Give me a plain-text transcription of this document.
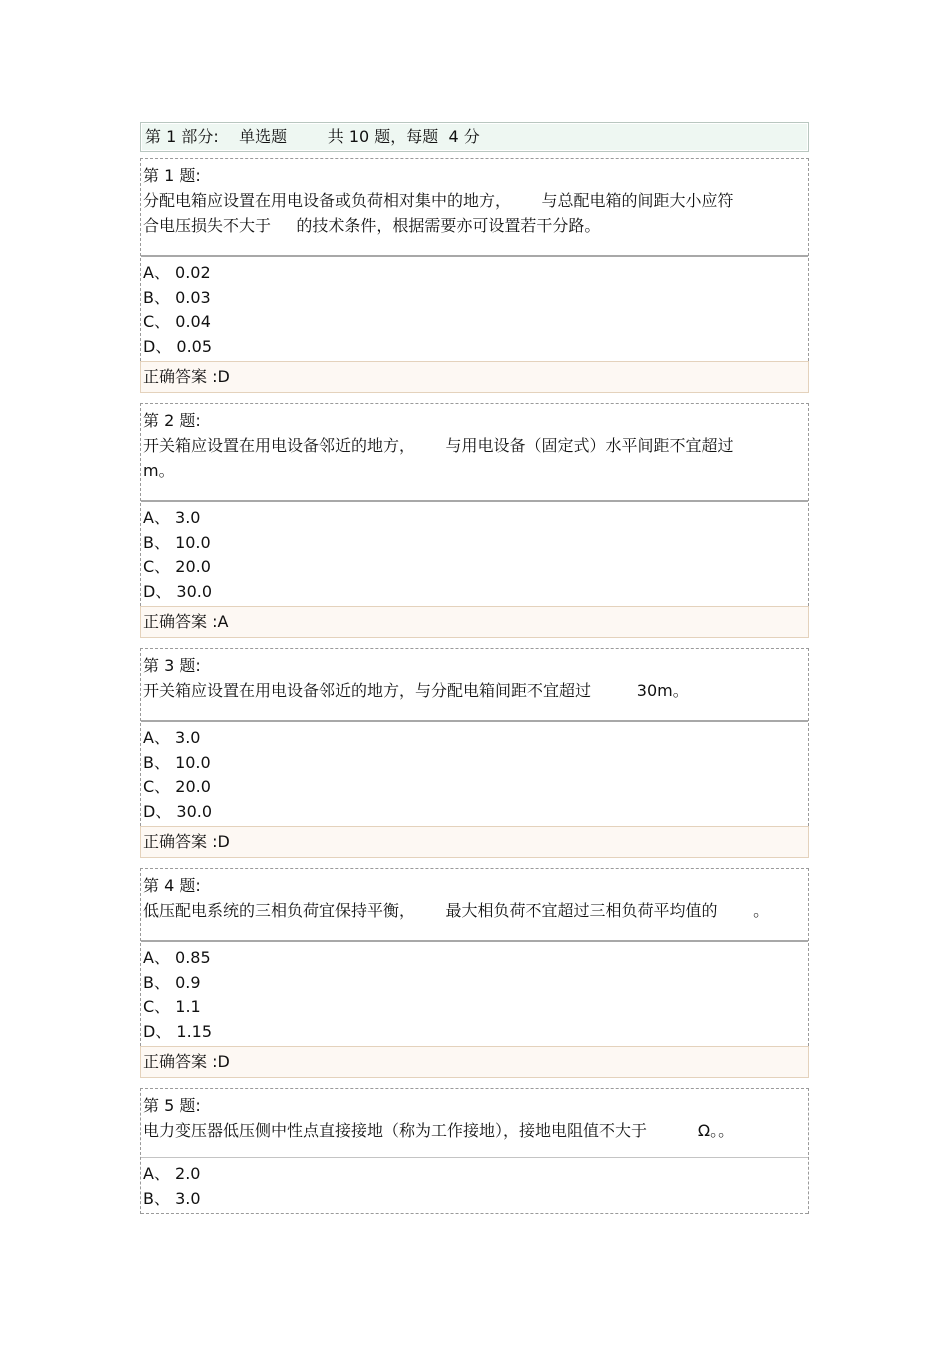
第 1 部分:    单选题        共 10 题，每题  4 分
第 1 题:
分配电箱应设置在用电设备或负荷相对集中的地方，      与总配电箱的间距大小应符
合电压损失不大于     的技术条件，根据需要亦可设置若干分路。
A、 0.02
B、 0.03
C、 0.04
D、 0.05
正确答案 :D
第 2 题:
开关箱应设置在用电设备邻近的地方，      与用电设备（固定式）水平间距不宜超过
m。
A、 3.0
B、 10.0
C、 20.0
D、 30.0
正确答案 :A
第 3 题:
开关箱应设置在用电设备邻近的地方，与分配电箱间距不宜超过         30m。
A、 3.0
B、 10.0
C、 20.0
D、 30.0
正确答案 :D
第 4 题:
低压配电系统的三相负荷宜保持平衡，      最大相负荷不宜超过三相负荷平均值的       。
A、 0.85
B、 0.9
C、 1.1
D、 1.15
正确答案 :D
第 5 题:
电力变压器低压侧中性点直接接地（称为工作接地），接地电阻值不大于          Ω。。
A、 2.0
B、 3.0
